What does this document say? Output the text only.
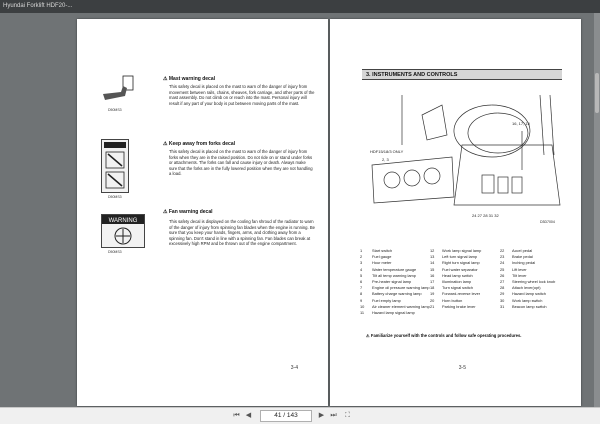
Hyundai Forklift HDF20-...
D50MS3
⚠ Mast warning decal
This safety decal is placed on the mast to warn of the danger of injury from movement between rails, chains, sheaves, fork carriage, and other parts of the mast assembly. Do not climb on or reach into the mast. Personal injury will result if any part of your body is put between moving parts of the mast.
D50MS3
⚠ Keep away from forks decal
This safety decal is placed on the mast to warn of the danger of injury from forks when they are in the raised position. Do not ride on or stand under forks or attachments. The forks can fall and cause injury or death. Always make sure that the forks are in the fully lowered position when they are not handling a load.
WARNING
D50MS3
⚠ Fan warning decal
This safety decal is displayed on the cooling fan shroud of the radiator to warn of the danger of injury from spinning fan blades when the engine is running. Be sure that you keep your hands, fingers, arms, and clothing away from a spinning fan. Don't stand in line with a spinning fan. Fan blades can break at excessively high RPM and be thrown out of the engine compartment.
3-4
3. INSTRUMENTS AND CONTROLS
HDF15/18/3 ONLY
16, 17, 15
2, 3
24 27 28 31 32
D3D7004
1	Start switch	12 Work lamp signal lamp	22 Accel pedal
2	Fuel gauge	13 Left turn signal lamp	23 Brake pedal
3	Hour meter	14 Right turn signal lamp	24 Inching pedal
4	Water temperature gauge	15 Fuel water separator	25 Lift lever
5	Tilt all temp warning lamp	16 Head lamp switch	26 Tilt lever
6	Pre-heater signal lamp	17 Illumination lamp	27 Steering wheel lock knob
7	Engine oil pressure warning lamp 18 Turn signal switch	28 Attach lever(opt)
8	Battery charge warning lamp 19 Forward-reverse lever	29 Hazard lamp switch
9	Fuel empty lamp	20 Horn button	30 Work lamp switch
10 Air cleaner element warning lamp 21 Parking brake lever	31 Beacon lamp switch
11 Hazard lamp signal lamp
⚠ Familiarize yourself with the controls and follow safe operating procedures.
3-5
⏮ ◀	41 / 143	▶ ⏭ ⛶
